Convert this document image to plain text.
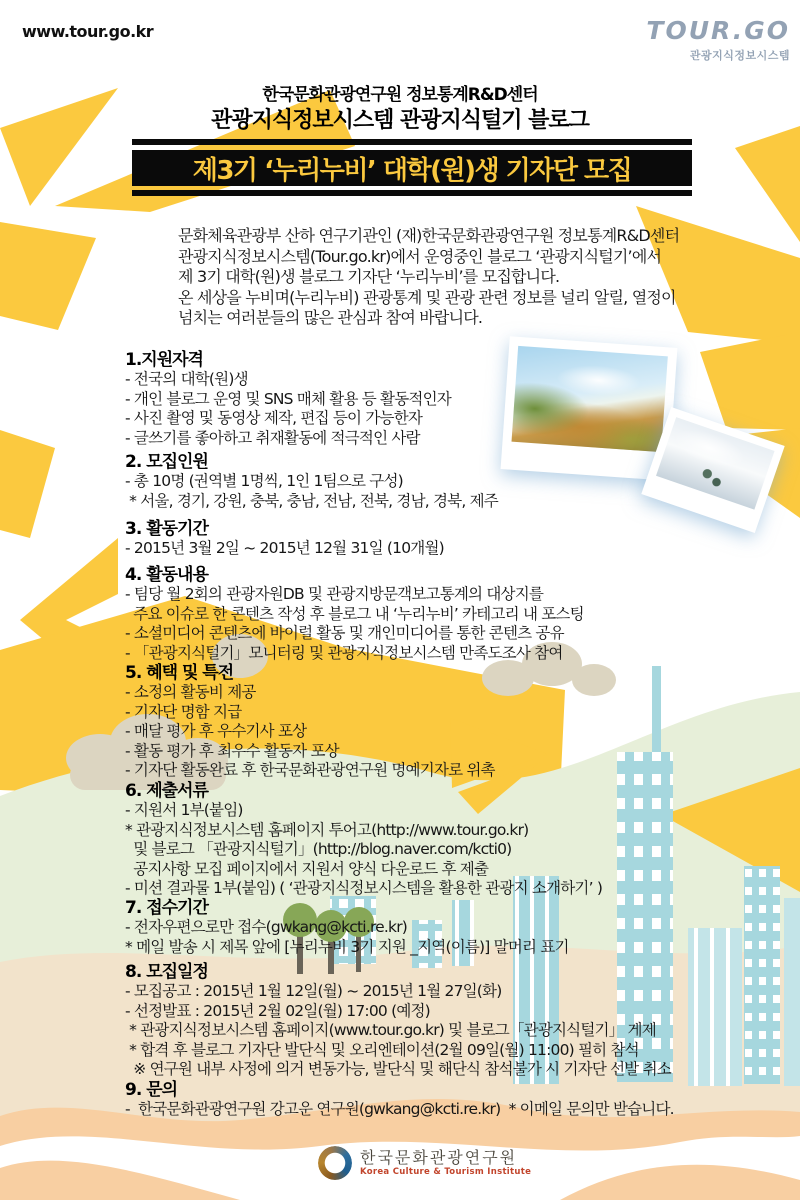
www.tour.go.kr	TOUR.GO
관광지식정보시스템
한국문화관광연구원 정보통계R&D센터
관광지식정보시스템 관광지식털기 블로그
제3기 ‘누리누비’ 대학(원)생 기자단 모집
문화체육관광부 산하 연구기관인 (재)한국문화관광연구원 정보통계R&D센터
관광지식정보시스템(Tour.go.kr)에서 운영중인 블로그 ‘관광지식털기’에서
제 3기 대학(원)생 블로그 기자단 ‘누리누비’를 모집합니다.
온 세상을 누비며(누리누비) 관광통계 및 관광 관련 정보를 널리 알릴, 열정이
넘치는 여러분들의 많은 관심과 참여 바랍니다.
1.지원자격
- 전국의 대학(원)생
- 개인 블로그 운영 및 SNS 매체 활용 등 활동적인자
- 사진 촬영 및 동영상 제작, 편집 등이 가능한자
- 글쓰기를 좋아하고 취재활동에 적극적인 사람
2. 모집인원
- 총 10명 (권역별 1명씩, 1인 1팀으로 구성)
* 서울, 경기, 강원, 충북, 충남, 전남, 전북, 경남, 경북, 제주
3. 활동기간
- 2015년 3월 2일 ~ 2015년 12월 31일 (10개월)
4. 활동내용
- 팀당 월 2회의 관광자원DB 및 관광지방문객보고통계의 대상지를
주요 이슈로 한 콘텐츠 작성 후 블로그 내 ‘누리누비’ 카테고리 내 포스팅
- 소셜미디어 콘텐츠에 바이럴 활동 및 개인미디어를 통한 콘텐츠 공유
- 「관광지식털기」모니터링 및 관광지식정보시스템 만족도조사 참여
5. 혜택 및 특전
- 소정의 활동비 제공
- 기자단 명함 지급
- 매달 평가 후 우수기사 포상
- 활동 평가 후 최우수 활동자 포상
- 기자단 활동완료 후 한국문화관광연구원 명예기자로 위촉
6. 제출서류
- 지원서 1부(붙임)
* 관광지식정보시스템 홈페이지 투어고(http://www.tour.go.kr)
및 블로그 「관광지식털기」(http://blog.naver.com/kcti0)
공지사항 모집 페이지에서 지원서 양식 다운로드 후 제출
- 미션 결과물 1부(붙임) ( ‘관광지식정보시스템을 활용한 관광지 소개하기’ )
7. 접수기간
- 전자우편으로만 접수(gwkang@kcti.re.kr)
* 메일 발송 시 제목 앞에 [누리누비 3기 지원 _지역(이름)] 말머리 표기
8. 모집일정
- 모집공고 : 2015년 1월 12일(월) ~ 2015년 1월 27일(화)
- 선정발표 : 2015년 2월 02일(월) 17:00 (예정)
* 관광지식정보시스템 홈페이지(www.tour.go.kr) 및 블로그「관광지식털기」 게제
* 합격 후 블로그 기자단 발단식 및 오리엔테이션(2월 09일(월) 11:00) 필히 참석
※ 연구원 내부 사정에 의거 변동가능, 발단식 및 해단식 참석불가 시 기자단 선발 취소
9. 문의
-  한국문화관광연구원 강고운 연구원(gwkang@kcti.re.kr)  * 이메일 문의만 받습니다.
한국문화관광연구원
Korea Culture & Tourism Institute
